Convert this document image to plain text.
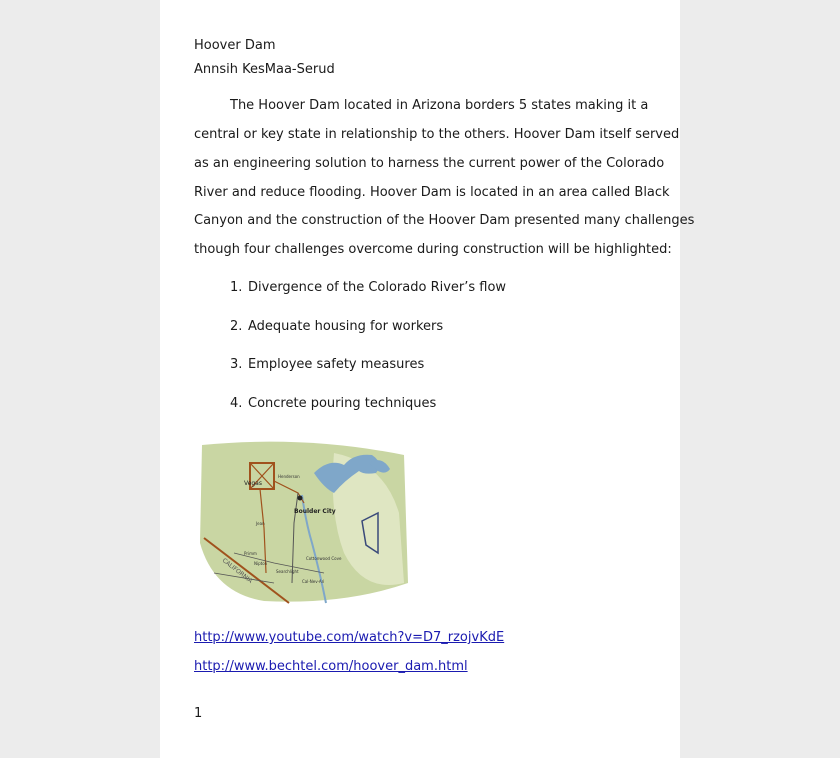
Hoover Dam
Annsih KesMaa-Serud
The Hoover Dam located in Arizona borders 5 states making it a
central or key state in relationship to the others. Hoover Dam itself served
as an engineering solution to harness the current power of the Colorado
River and reduce flooding. Hoover Dam is located in an area called Black
Canyon and the construction of the Hoover Dam presented many challenges
though four challenges overcome during construction will be highlighted:
1. Divergence of the Colorado River’s flow
2. Adequate housing for workers
3. Employee safety measures
4. Concrete pouring techniques
Vegas
Henderson
Boulder City
Jean
Primm
Searchlight
Nipton
Cottonwood Cove
Cal-Nev-Ari
CALIFORNIA
http://www.youtube.com/watch?v=D7_rzojvKdE
http://www.bechtel.com/hoover_dam.html
1
